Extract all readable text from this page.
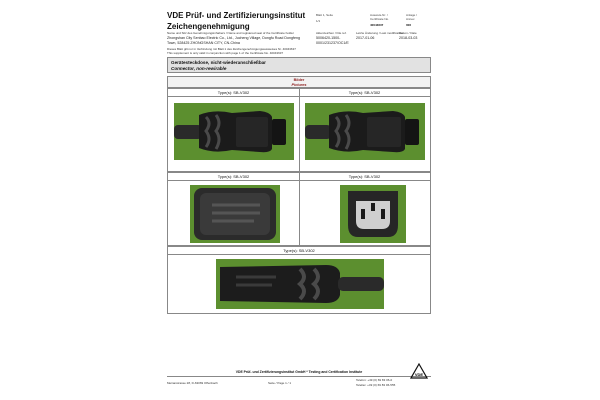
VDE Prüf- und Zertifizierungsinstitut
Zeichengenehmigung
Blatt 1, Seite
1/1
Ausweis-Nr. / Certificate No.
40043637
Anlage / Annex
006
Name und Sitz des Genehmigungsinhabers / Name and registered seat of the Certificate holder
Zhongshan City Senbao Electric Co., Ltd., Jucheng Village, Dongfu Road Dongfeng
Town, 528425 ZHONGSHAN CITY, CN-China
Aktenzeichen / File ref.
5006420-1500-
0001/231237/OC1/E
Letzte Änderung / Last modification
2017-01-06
Datum / Date
2018-03-03
Dieses Blatt gilt nur in Verbindung mit Blatt 1 des Zeichengenehmigungsausweises Nr. 40043637
This supplement is only valid in conjunction with page 1 of the Certificate No. 40043637
Gerätesteckdose, nicht-wiederanschließbar
Connector, non-rewirable
Bilder
Pictures
Type(s): SB-V302	Type(s): SB-V302
Type(s): SB-V302	Type(s): SB-V302
Type(s): SB-V302
VDE Prüf- und Zertifizierungsinstitut GmbH * Testing and Certification Institute
Merianstrasse 28, D-63069 Offenbach	Seite / Page 1 / 1
Telefon: +49 (0) 69 83 06-0
Telefax: +49 (0) 69 83 06-555
VDE
